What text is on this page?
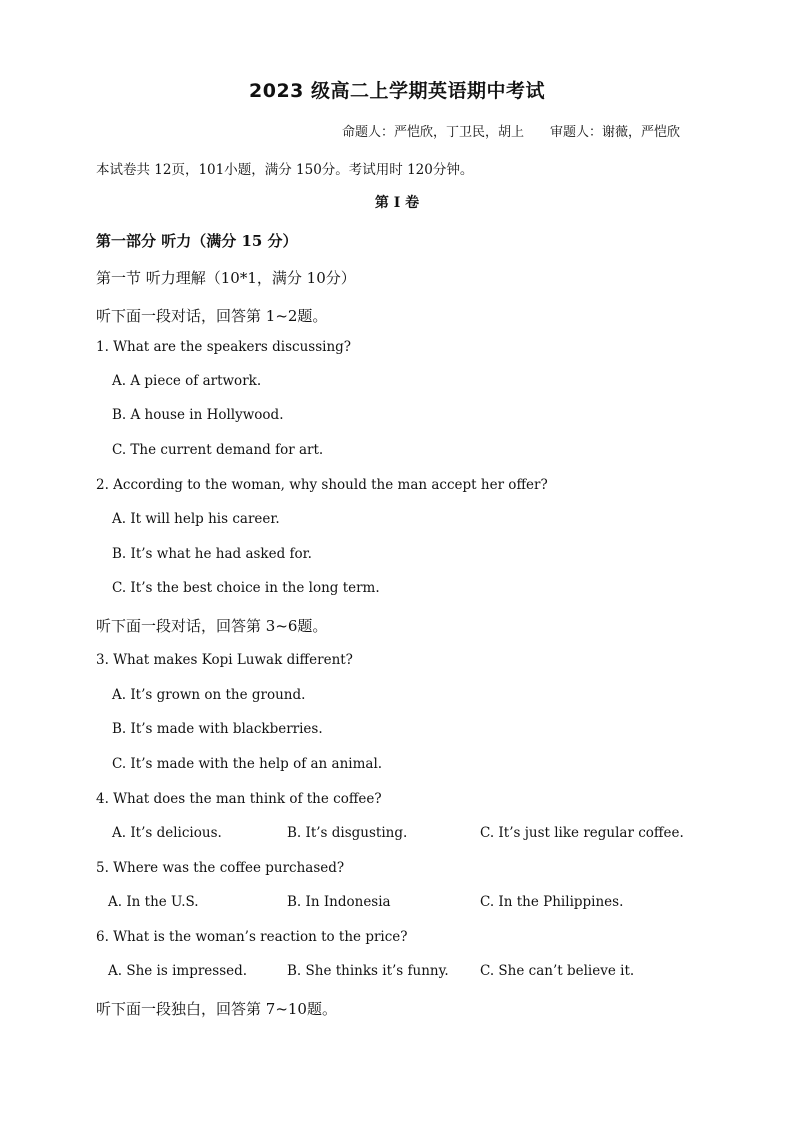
2023 级高二上学期英语期中考试
命题人：严恺欣，丁卫民，胡上 审题人：谢薇，严恺欣
本试卷共 12页，101小题，满分 150分。考试用时 120分钟。
第 I 卷
第一部分 听力（满分 15 分）
第一节 听力理解（10*1，满分 10分）
听下面一段对话，回答第 1~2题。
1. What are the speakers discussing?
A. A piece of artwork.
B. A house in Hollywood.
C. The current demand for art.
2. According to the woman, why should the man accept her offer?
A. It will help his career.
B. It’s what he had asked for.
C. It’s the best choice in the long term.
听下面一段对话，回答第 3~6题。
3. What makes Kopi Luwak different?
A. It’s grown on the ground.
B. It’s made with blackberries.
C. It’s made with the help of an animal.
4. What does the man think of the coffee?
A. It’s delicious.	B. It’s disgusting.	C. It’s just like regular coffee.
5. Where was the coffee purchased?
A. In the U.S.	B. In Indonesia	C. In the Philippines.
6. What is the woman’s reaction to the price?
A. She is impressed.	B. She thinks it’s funny. C. She can’t believe it.
听下面一段独白，回答第 7~10题。
